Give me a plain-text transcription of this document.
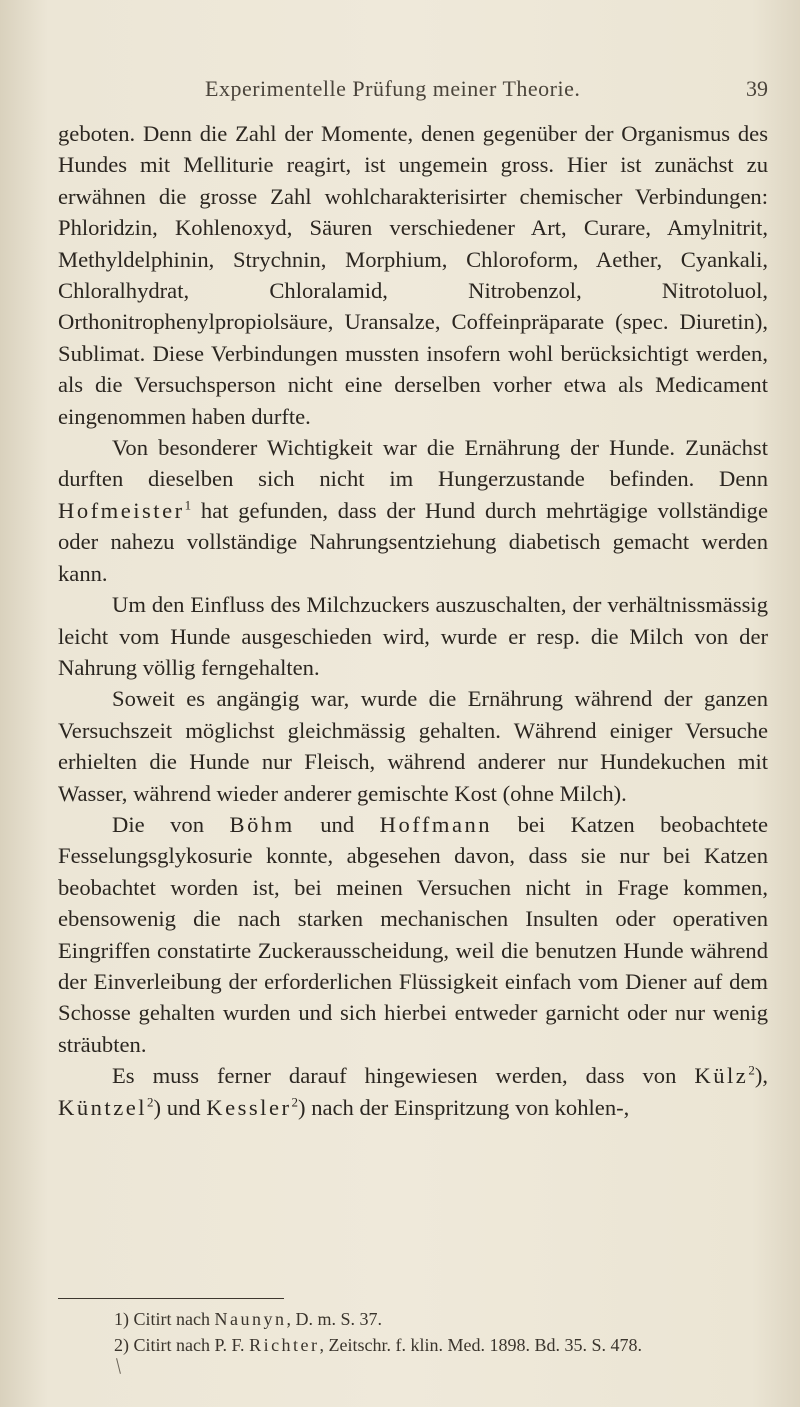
Experimentelle Prüfung meiner Theorie.	39

geboten. Denn die Zahl der Momente, denen gegenüber der Organismus des Hundes mit Melliturie reagirt, ist ungemein gross. Hier ist zunächst zu erwähnen die grosse Zahl wohlcharakterisirter chemischer Verbindungen: Phloridzin, Kohlenoxyd, Säuren verschiedener Art, Curare, Amylnitrit, Methyldelphinin, Strychnin, Morphium, Chloroform, Aether, Cyankali, Chloralhydrat, Chloralamid, Nitrobenzol, Nitrotoluol, Orthonitrophenylpropiolsäure, Uransalze, Coffeinpräparate (spec. Diuretin), Sublimat. Diese Verbindungen mussten insofern wohl berücksichtigt werden, als die Versuchsperson nicht eine derselben vorher etwa als Medicament eingenommen haben durfte.

Von besonderer Wichtigkeit war die Ernährung der Hunde. Zunächst durften dieselben sich nicht im Hungerzustande befinden. Denn Hofmeister$^1$ hat gefunden, dass der Hund durch mehrtägige vollständige oder nahezu vollständige Nahrungsentziehung diabetisch gemacht werden kann.

Um den Einfluss des Milchzuckers auszuschalten, der verhältnissmässig leicht vom Hunde ausgeschieden wird, wurde er resp. die Milch von der Nahrung völlig ferngehalten.

Soweit es angängig war, wurde die Ernährung während der ganzen Versuchszeit möglichst gleichmässig gehalten. Während einiger Versuche erhielten die Hunde nur Fleisch, während anderer nur Hundekuchen mit Wasser, während wieder anderer gemischte Kost (ohne Milch).

Die von Böhm und Hoffmann bei Katzen beobachtete Fesselungsglykosurie konnte, abgesehen davon, dass sie nur bei Katzen beobachtet worden ist, bei meinen Versuchen nicht in Frage kommen, ebensowenig die nach starken mechanischen Insulten oder operativen Eingriffen constatirte Zuckerausscheidung, weil die benutzen Hunde während der Einverleibung der erforderlichen Flüssigkeit einfach vom Diener auf dem Schosse gehalten wurden und sich hierbei entweder garnicht oder nur wenig sträubten.

Es muss ferner darauf hingewiesen werden, dass von Külz$^2$), Küntzel$^2$) und Kessler$^2$) nach der Einspritzung von kohlen-,

1) Citirt nach Naunyn, D. m. S. 37.
2) Citirt nach P. F. Richter, Zeitschr. f. klin. Med. 1898. Bd. 35. S. 478.
